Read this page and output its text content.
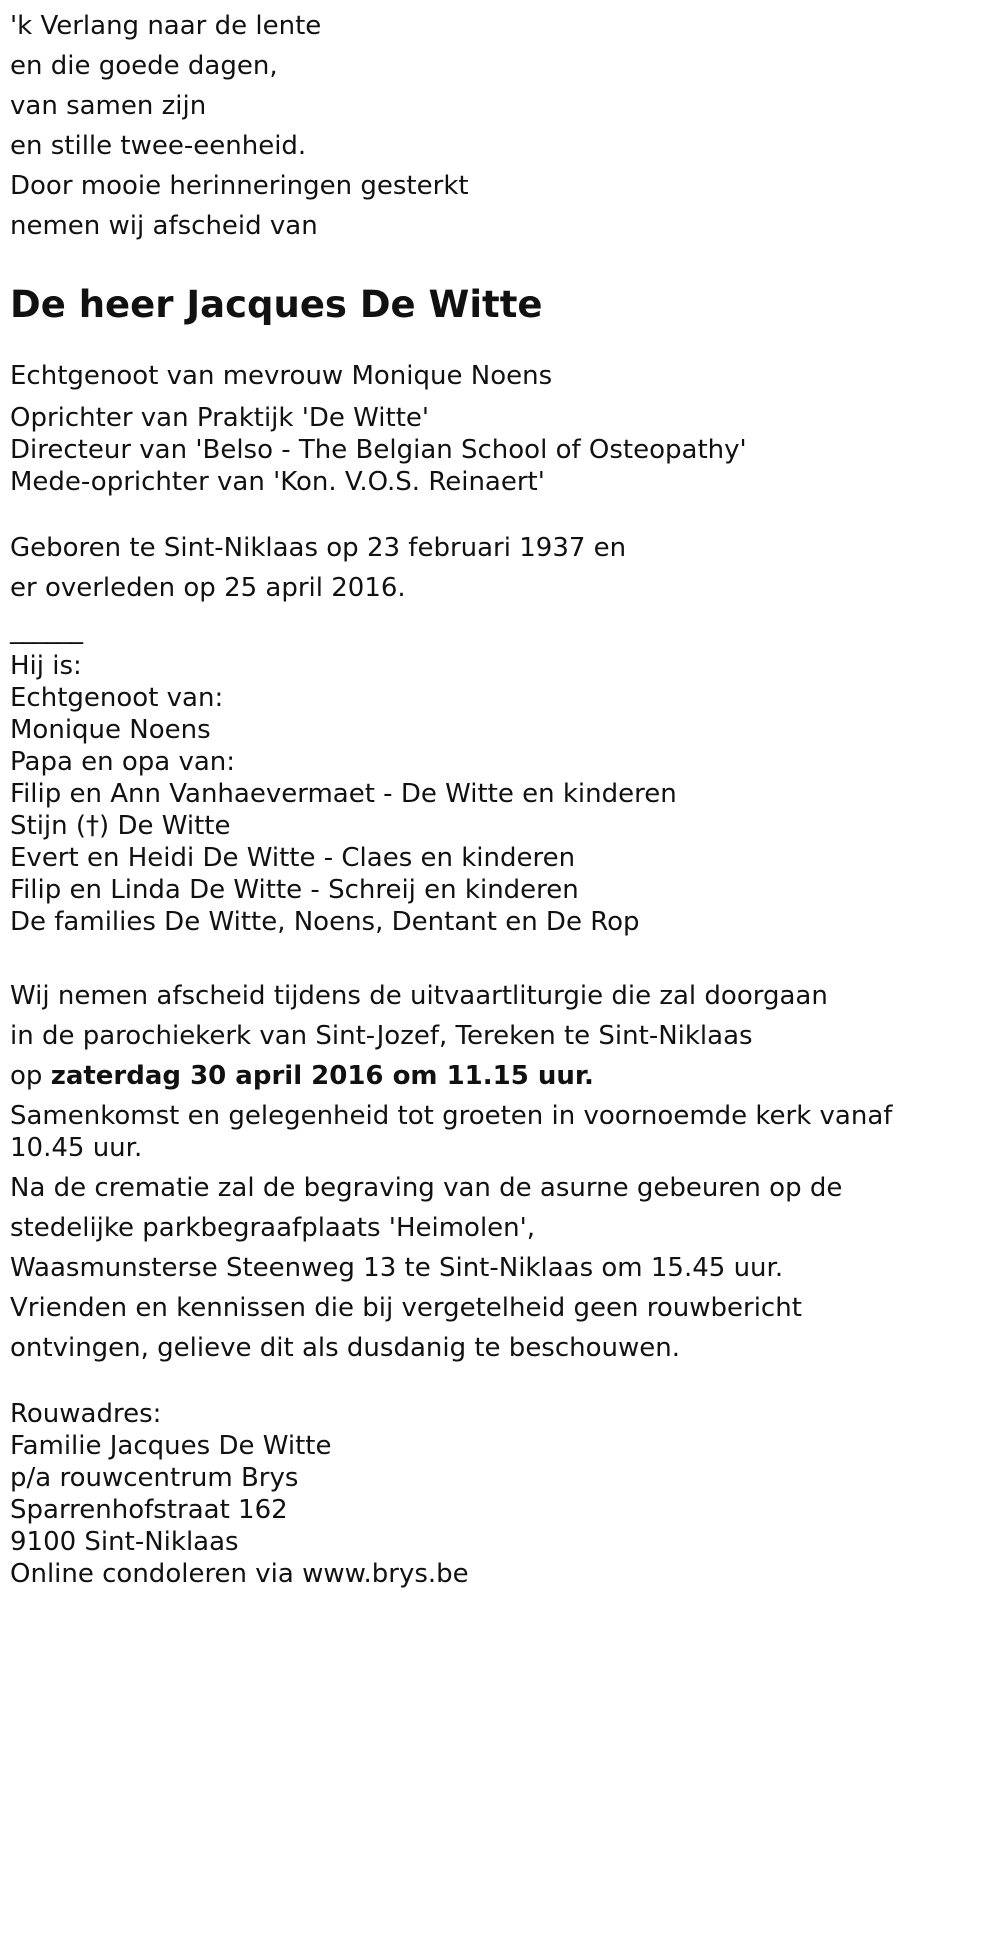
'k Verlang naar de lente
en die goede dagen,
van samen zijn
en stille twee-eenheid.
Door mooie herinneringen gesterkt
nemen wij afscheid van
De heer Jacques De Witte
Echtgenoot van mevrouw Monique Noens
Oprichter van Praktijk 'De Witte'
Directeur van 'Belso - The Belgian School of Osteopathy'
Mede-oprichter van 'Kon. V.O.S. Reinaert'
Geboren te Sint-Niklaas op 23 februari 1937 en
er overleden op 25 april 2016.
______
Hij is:
Echtgenoot van:
Monique Noens
Papa en opa van:
Filip en Ann Vanhaevermaet - De Witte en kinderen
Stijn (†) De Witte
Evert en Heidi De Witte - Claes en kinderen
Filip en Linda De Witte - Schreij en kinderen
De families De Witte, Noens, Dentant en De Rop
Wij nemen afscheid tijdens de uitvaartliturgie die zal doorgaan
in de parochiekerk van Sint-Jozef, Tereken te Sint-Niklaas
op zaterdag 30 april 2016 om 11.15 uur.
Samenkomst en gelegenheid tot groeten in voornoemde kerk vanaf 10.45 uur.
Na de crematie zal de begraving van de asurne gebeuren op de
stedelijke parkbegraafplaats 'Heimolen',
Waasmunsterse Steenweg 13 te Sint-Niklaas om 15.45 uur.
Vrienden en kennissen die bij vergetelheid geen rouwbericht
ontvingen, gelieve dit als dusdanig te beschouwen.
Rouwadres:
Familie Jacques De Witte
p/a rouwcentrum Brys
Sparrenhofstraat 162
9100 Sint-Niklaas
Online condoleren via www.brys.be
